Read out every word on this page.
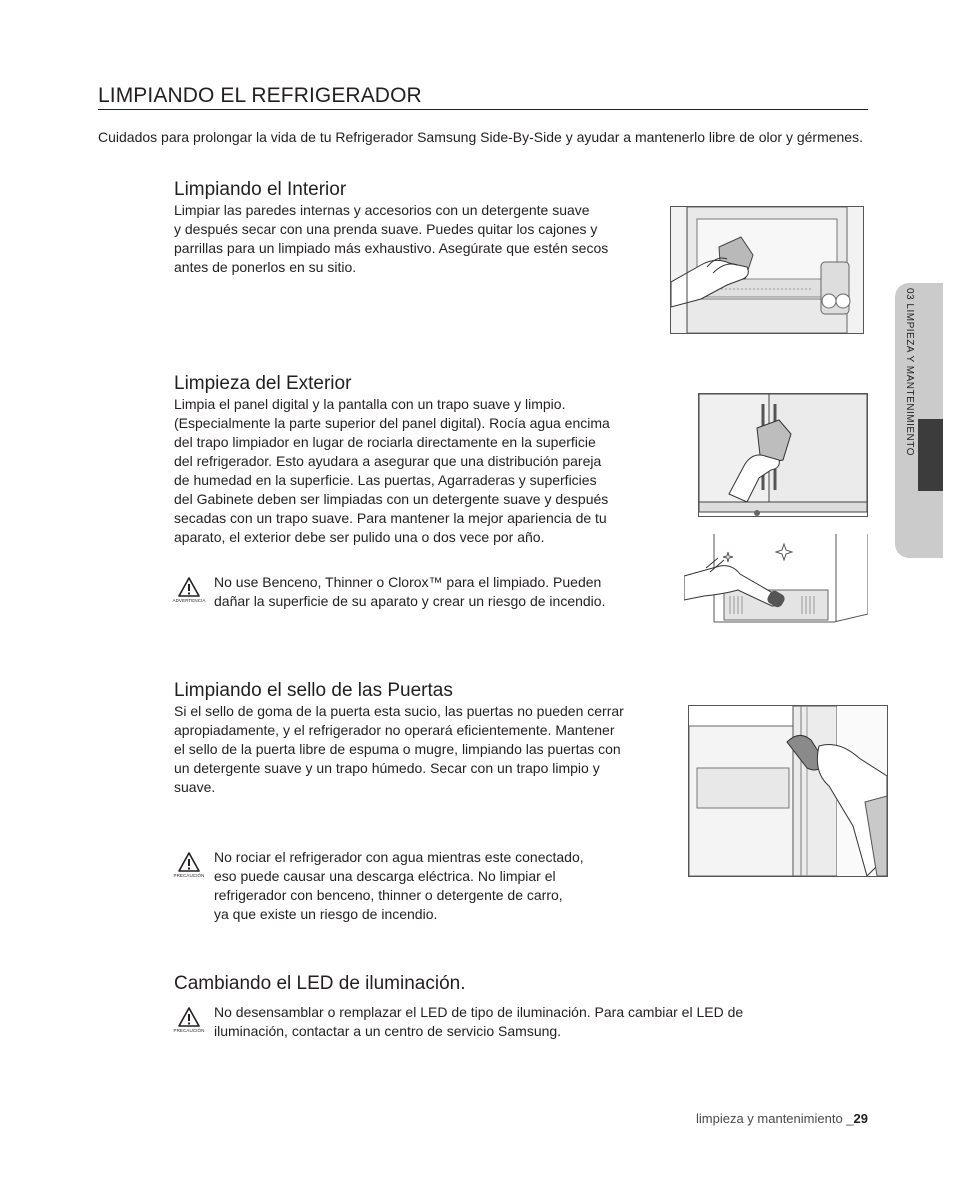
LIMPIANDO EL REFRIGERADOR

Cuidados para prolongar la vida de tu Refrigerador Samsung Side-By-Side y ayudar a mantenerlo libre de olor y gérmenes.

Limpiando el Interior

Limpiar las paredes internas y accesorios con un detergente suave
y después secar con una prenda suave. Puedes quitar los cajones y
parrillas para un limpiado más exhaustivo. Asegúrate que estén secos
antes de ponerlos en su sitio.

Limpieza del Exterior

Limpia el panel digital y la pantalla con un trapo suave y limpio.
(Especialmente la parte superior del panel digital). Rocía agua encima
del trapo limpiador en lugar de rociarla directamente en la superficie
del refrigerador. Esto ayudara a asegurar que una distribución pareja
de humedad en la superficie. Las puertas, Agarraderas y superficies
del Gabinete deben ser limpiadas con un detergente suave y después
secadas con un trapo suave. Para mantener la mejor apariencia de tu
aparato, el exterior debe ser pulido una o dos vece por año.

ADVERTENCIA

No use Benceno, Thinner o Clorox™ para el limpiado. Pueden
dañar la superficie de su aparato y crear un riesgo de incendio.

Limpiando el sello de las Puertas

Si el sello de goma de la puerta esta sucio, las puertas no pueden cerrar
apropiadamente, y el refrigerador no operará eficientemente. Mantener
el sello de la puerta libre de espuma o mugre, limpiando las puertas con
un detergente suave y un trapo húmedo. Secar con un trapo limpio y
suave.

PRECAUCIÓN

No rociar el refrigerador con agua mientras este conectado,
eso puede causar una descarga eléctrica. No limpiar el
refrigerador con benceno, thinner o detergente de carro,
ya que existe un riesgo de incendio.

Cambiando el LED de iluminación.
PRECAUCIÓN

No desensamblar o remplazar el LED de tipo de iluminación. Para cambiar el LED de
iluminación, contactar a un centro de servicio Samsung.

03 LIMPIEZA Y MANTENIMIENTO
limpieza y mantenimiento _29
